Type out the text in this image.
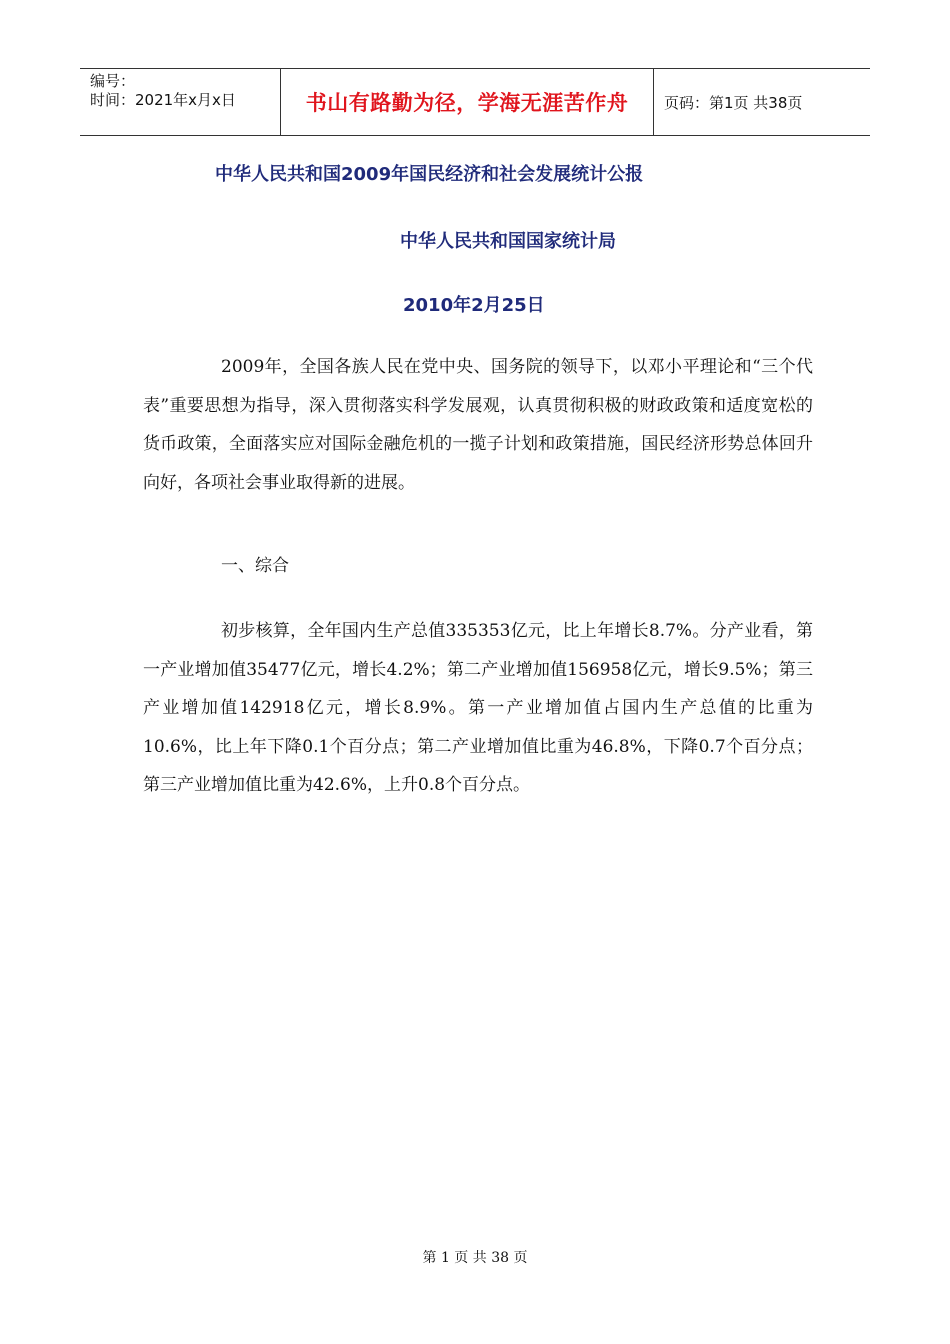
编号：
时间：2021年x月x日	书山有路勤为径，学海无涯苦作舟	页码：第1页 共38页
中华人民共和国2009年国民经济和社会发展统计公报
中华人民共和国国家统计局
2010年2月25日

2009年，全国各族人民在党中央、国务院的领导下，以邓小平理论和“三个代表”重要思想为指导，深入贯彻落实科学发展观，认真贯彻积极的财政政策和适度宽松的货币政策，全面落实应对国际金融危机的一揽子计划和政策措施，国民经济形势总体回升向好，各项社会事业取得新的进展。

一、综合

初步核算，全年国内生产总值335353亿元，比上年增长8.7%。分产业看，第一产业增加值35477亿元，增长4.2%；第二产业增加值156958亿元，增长9.5%；第三产业增加值142918亿元，增长8.9%。第一产业增加值占国内生产总值的比重为10.6%，比上年下降0.1个百分点；第二产业增加值比重为46.8%，下降0.7个百分点；第三产业增加值比重为42.6%，上升0.8个百分点。

第 1 页 共 38 页
